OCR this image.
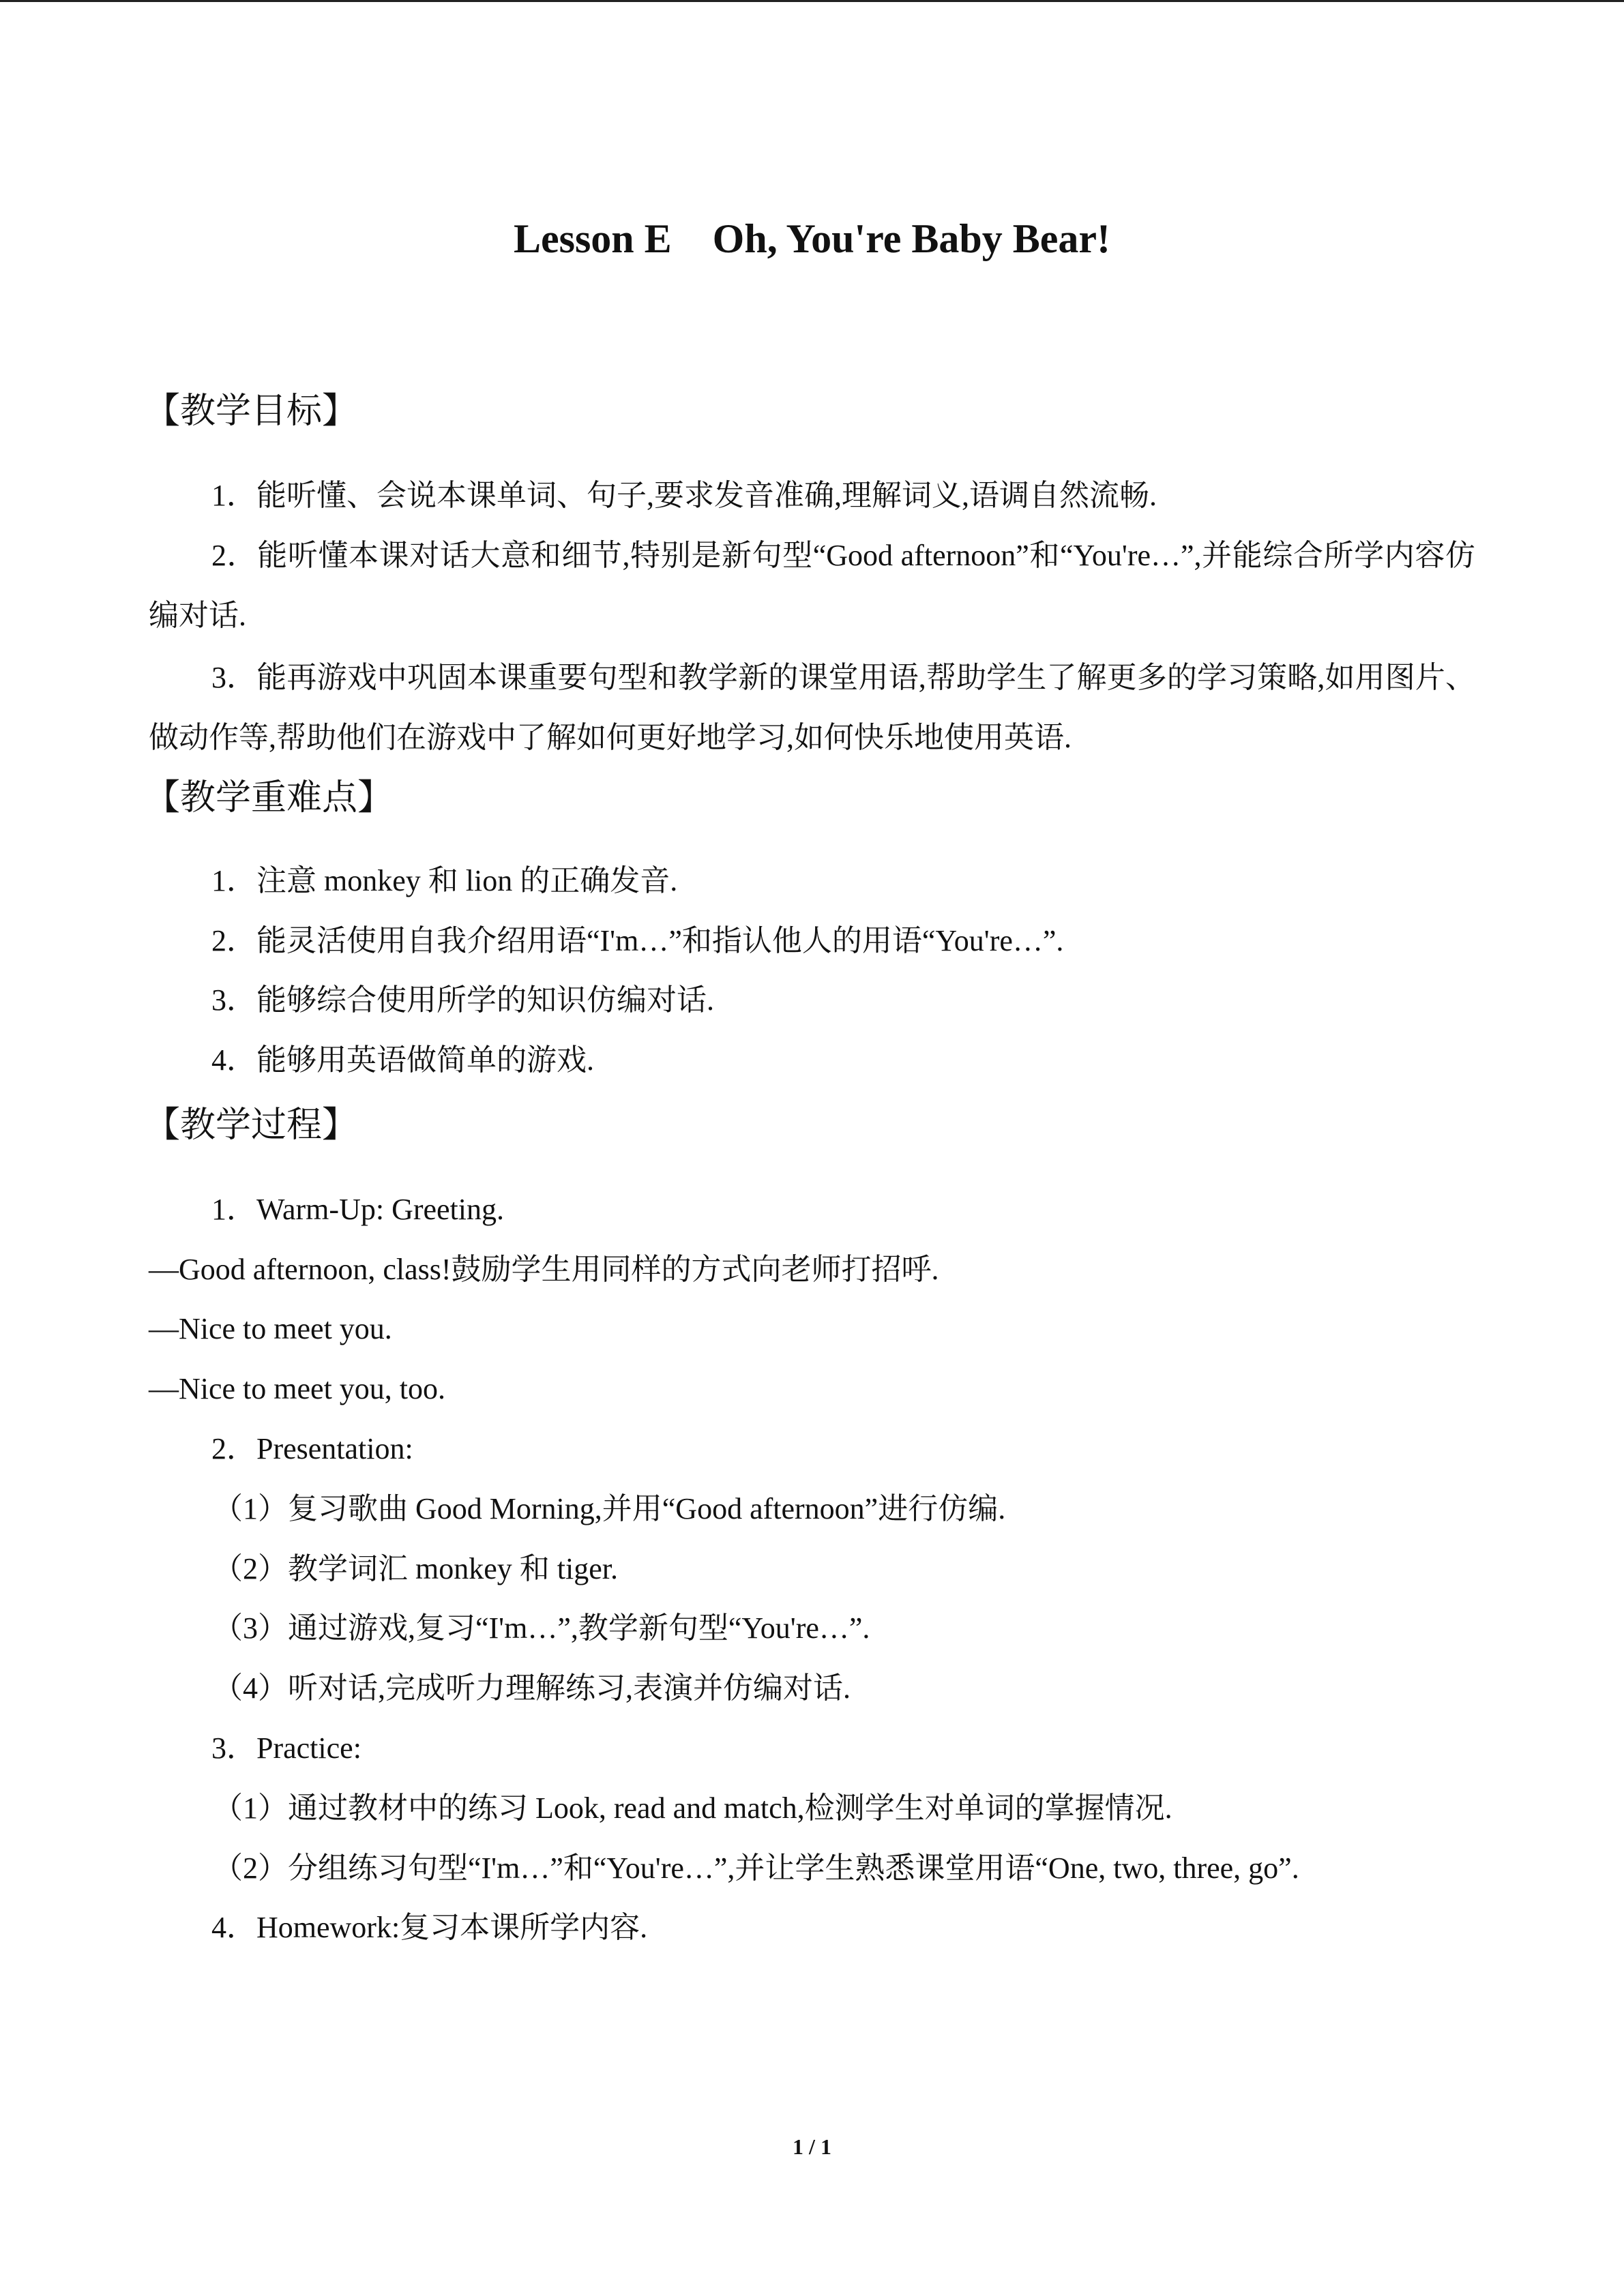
Lesson E    Oh, You're Baby Bear!
【教学目标】
1．能听懂、会说本课单词、句子,要求发音准确,理解词义,语调自然流畅.
2．能听懂本课对话大意和细节,特别是新句型“Good afternoon”和“You're…”,并能综合所学内容仿编对话.
3．能再游戏中巩固本课重要句型和教学新的课堂用语,帮助学生了解更多的学习策略,如用图片、做动作等,帮助他们在游戏中了解如何更好地学习,如何快乐地使用英语.
【教学重难点】
1．注意 monkey 和 lion 的正确发音.
2．能灵活使用自我介绍用语“I'm…”和指认他人的用语“You're…”.
3．能够综合使用所学的知识仿编对话.
4．能够用英语做简单的游戏.
【教学过程】
1．Warm-Up: Greeting.
—Good afternoon, class!鼓励学生用同样的方式向老师打招呼.
—Nice to meet you.
—Nice to meet you, too.
2．Presentation:
（1）复习歌曲 Good Morning,并用“Good afternoon”进行仿编.
（2）教学词汇 monkey 和 tiger.
（3）通过游戏,复习“I'm…”,教学新句型“You're…”.
（4）听对话,完成听力理解练习,表演并仿编对话.
3．Practice:
（1）通过教材中的练习 Look, read and match,检测学生对单词的掌握情况.
（2）分组练习句型“I'm…”和“You're…”,并让学生熟悉课堂用语“One, two, three, go”.
4．Homework:复习本课所学内容.
1 / 1
